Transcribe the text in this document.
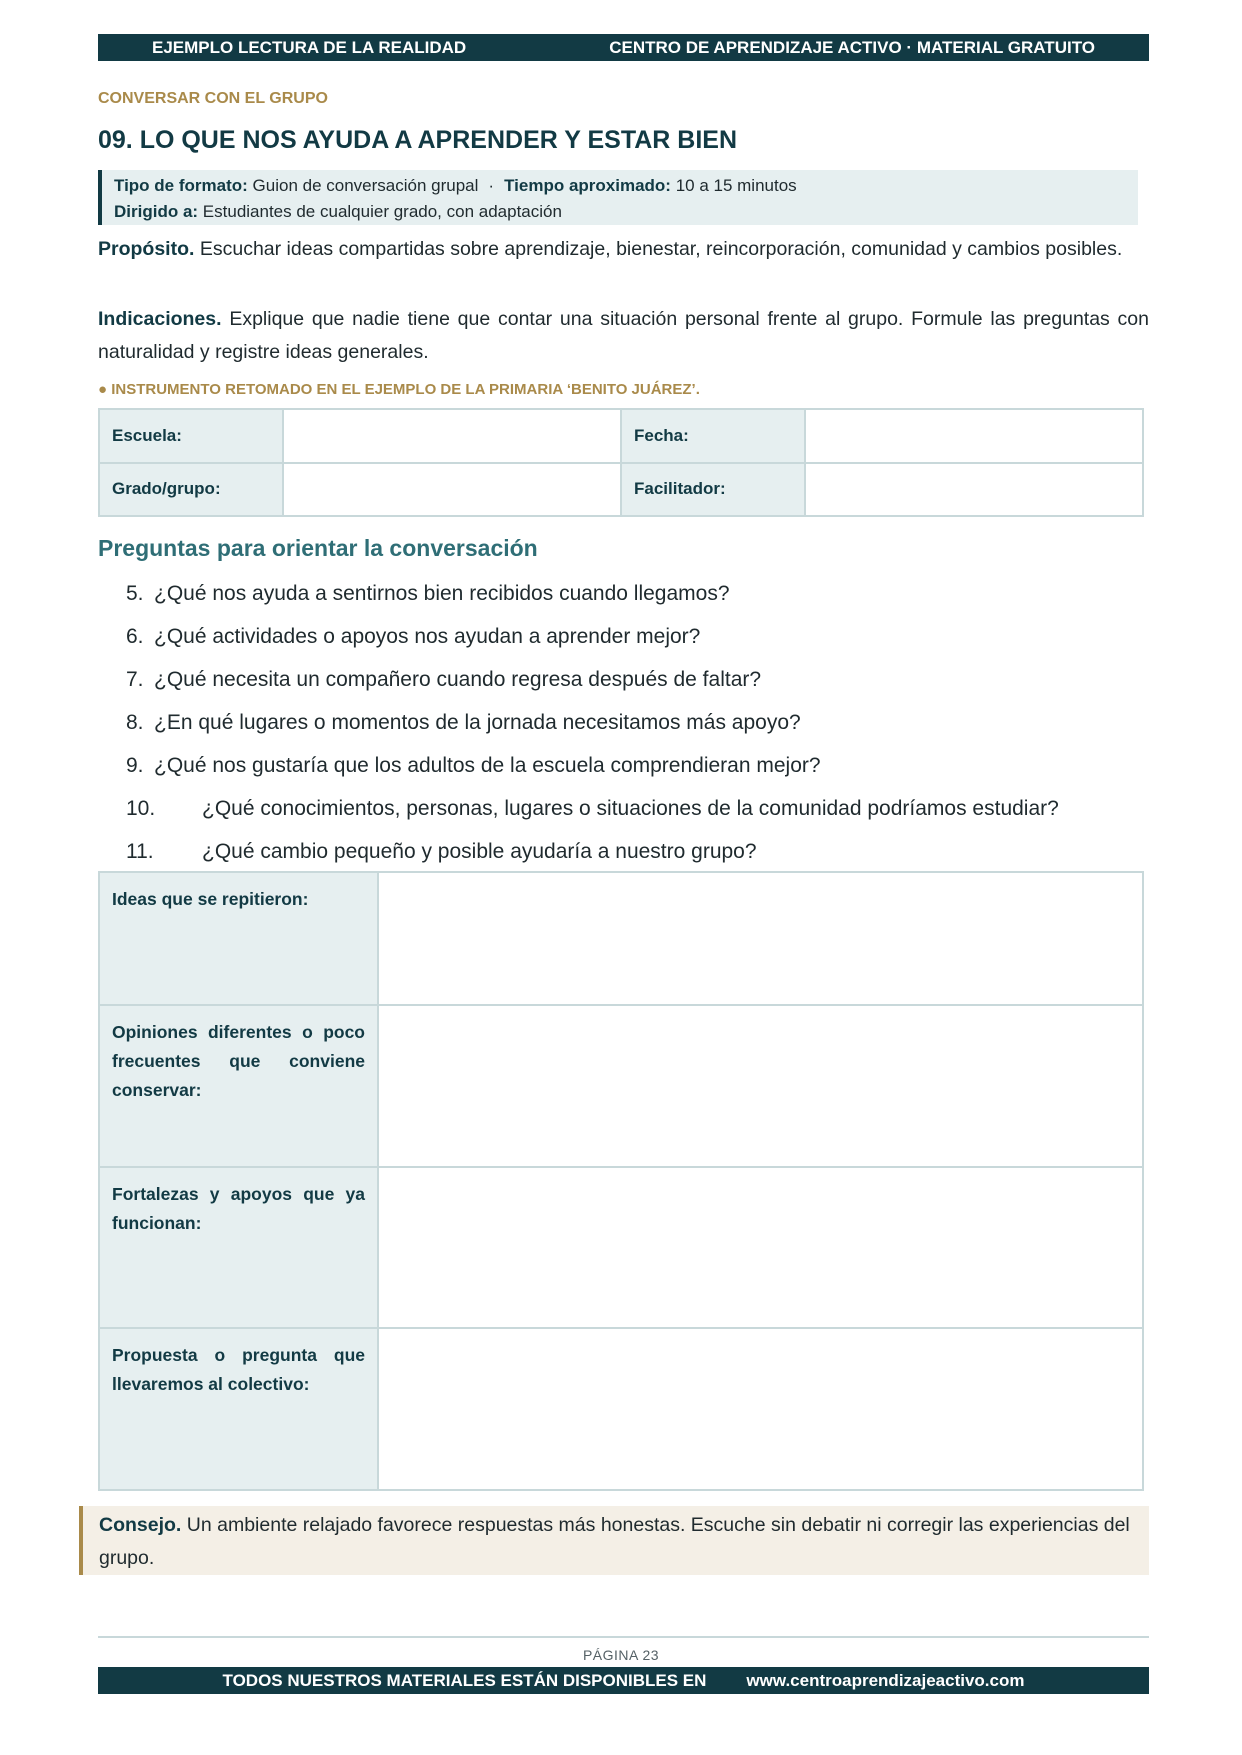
EJEMPLO LECTURA DE LA REALIDAD	CENTRO DE APRENDIZAJE ACTIVO · MATERIAL GRATUITO
CONVERSAR CON EL GRUPO
09. LO QUE NOS AYUDA A APRENDER Y ESTAR BIEN
Tipo de formato: Guion de conversación grupal · Tiempo aproximado: 10 a 15 minutos
Dirigido a: Estudiantes de cualquier grado, con adaptación
Propósito. Escuchar ideas compartidas sobre aprendizaje, bienestar, reincorporación, comunidad y cambios posibles.
Indicaciones. Explique que nadie tiene que contar una situación personal frente al grupo. Formule las preguntas con naturalidad y registre ideas generales.
● INSTRUMENTO RETOMADO EN EL EJEMPLO DE LA PRIMARIA ‘BENITO JUÁREZ’.
Escuela:		Fecha:	
Grado/grupo:		Facilitador:	
Preguntas para orientar la conversación
5. ¿Qué nos ayuda a sentirnos bien recibidos cuando llegamos?
6. ¿Qué actividades o apoyos nos ayudan a aprender mejor?
7. ¿Qué necesita un compañero cuando regresa después de faltar?
8. ¿En qué lugares o momentos de la jornada necesitamos más apoyo?
9. ¿Qué nos gustaría que los adultos de la escuela comprendieran mejor?
10.	¿Qué conocimientos, personas, lugares o situaciones de la comunidad podríamos estudiar?
11.	¿Qué cambio pequeño y posible ayudaría a nuestro grupo?
Ideas que se repitieron:	
Opiniones diferentes o poco frecuentes que conviene conservar:	
Fortalezas y apoyos que ya funcionan:	
Propuesta o pregunta que llevaremos al colectivo:	
Consejo. Un ambiente relajado favorece respuestas más honestas. Escuche sin debatir ni corregir las experiencias del grupo.
PÁGINA 23
TODOS NUESTROS MATERIALES ESTÁN DISPONIBLES EN www.centroaprendizajeactivo.com
